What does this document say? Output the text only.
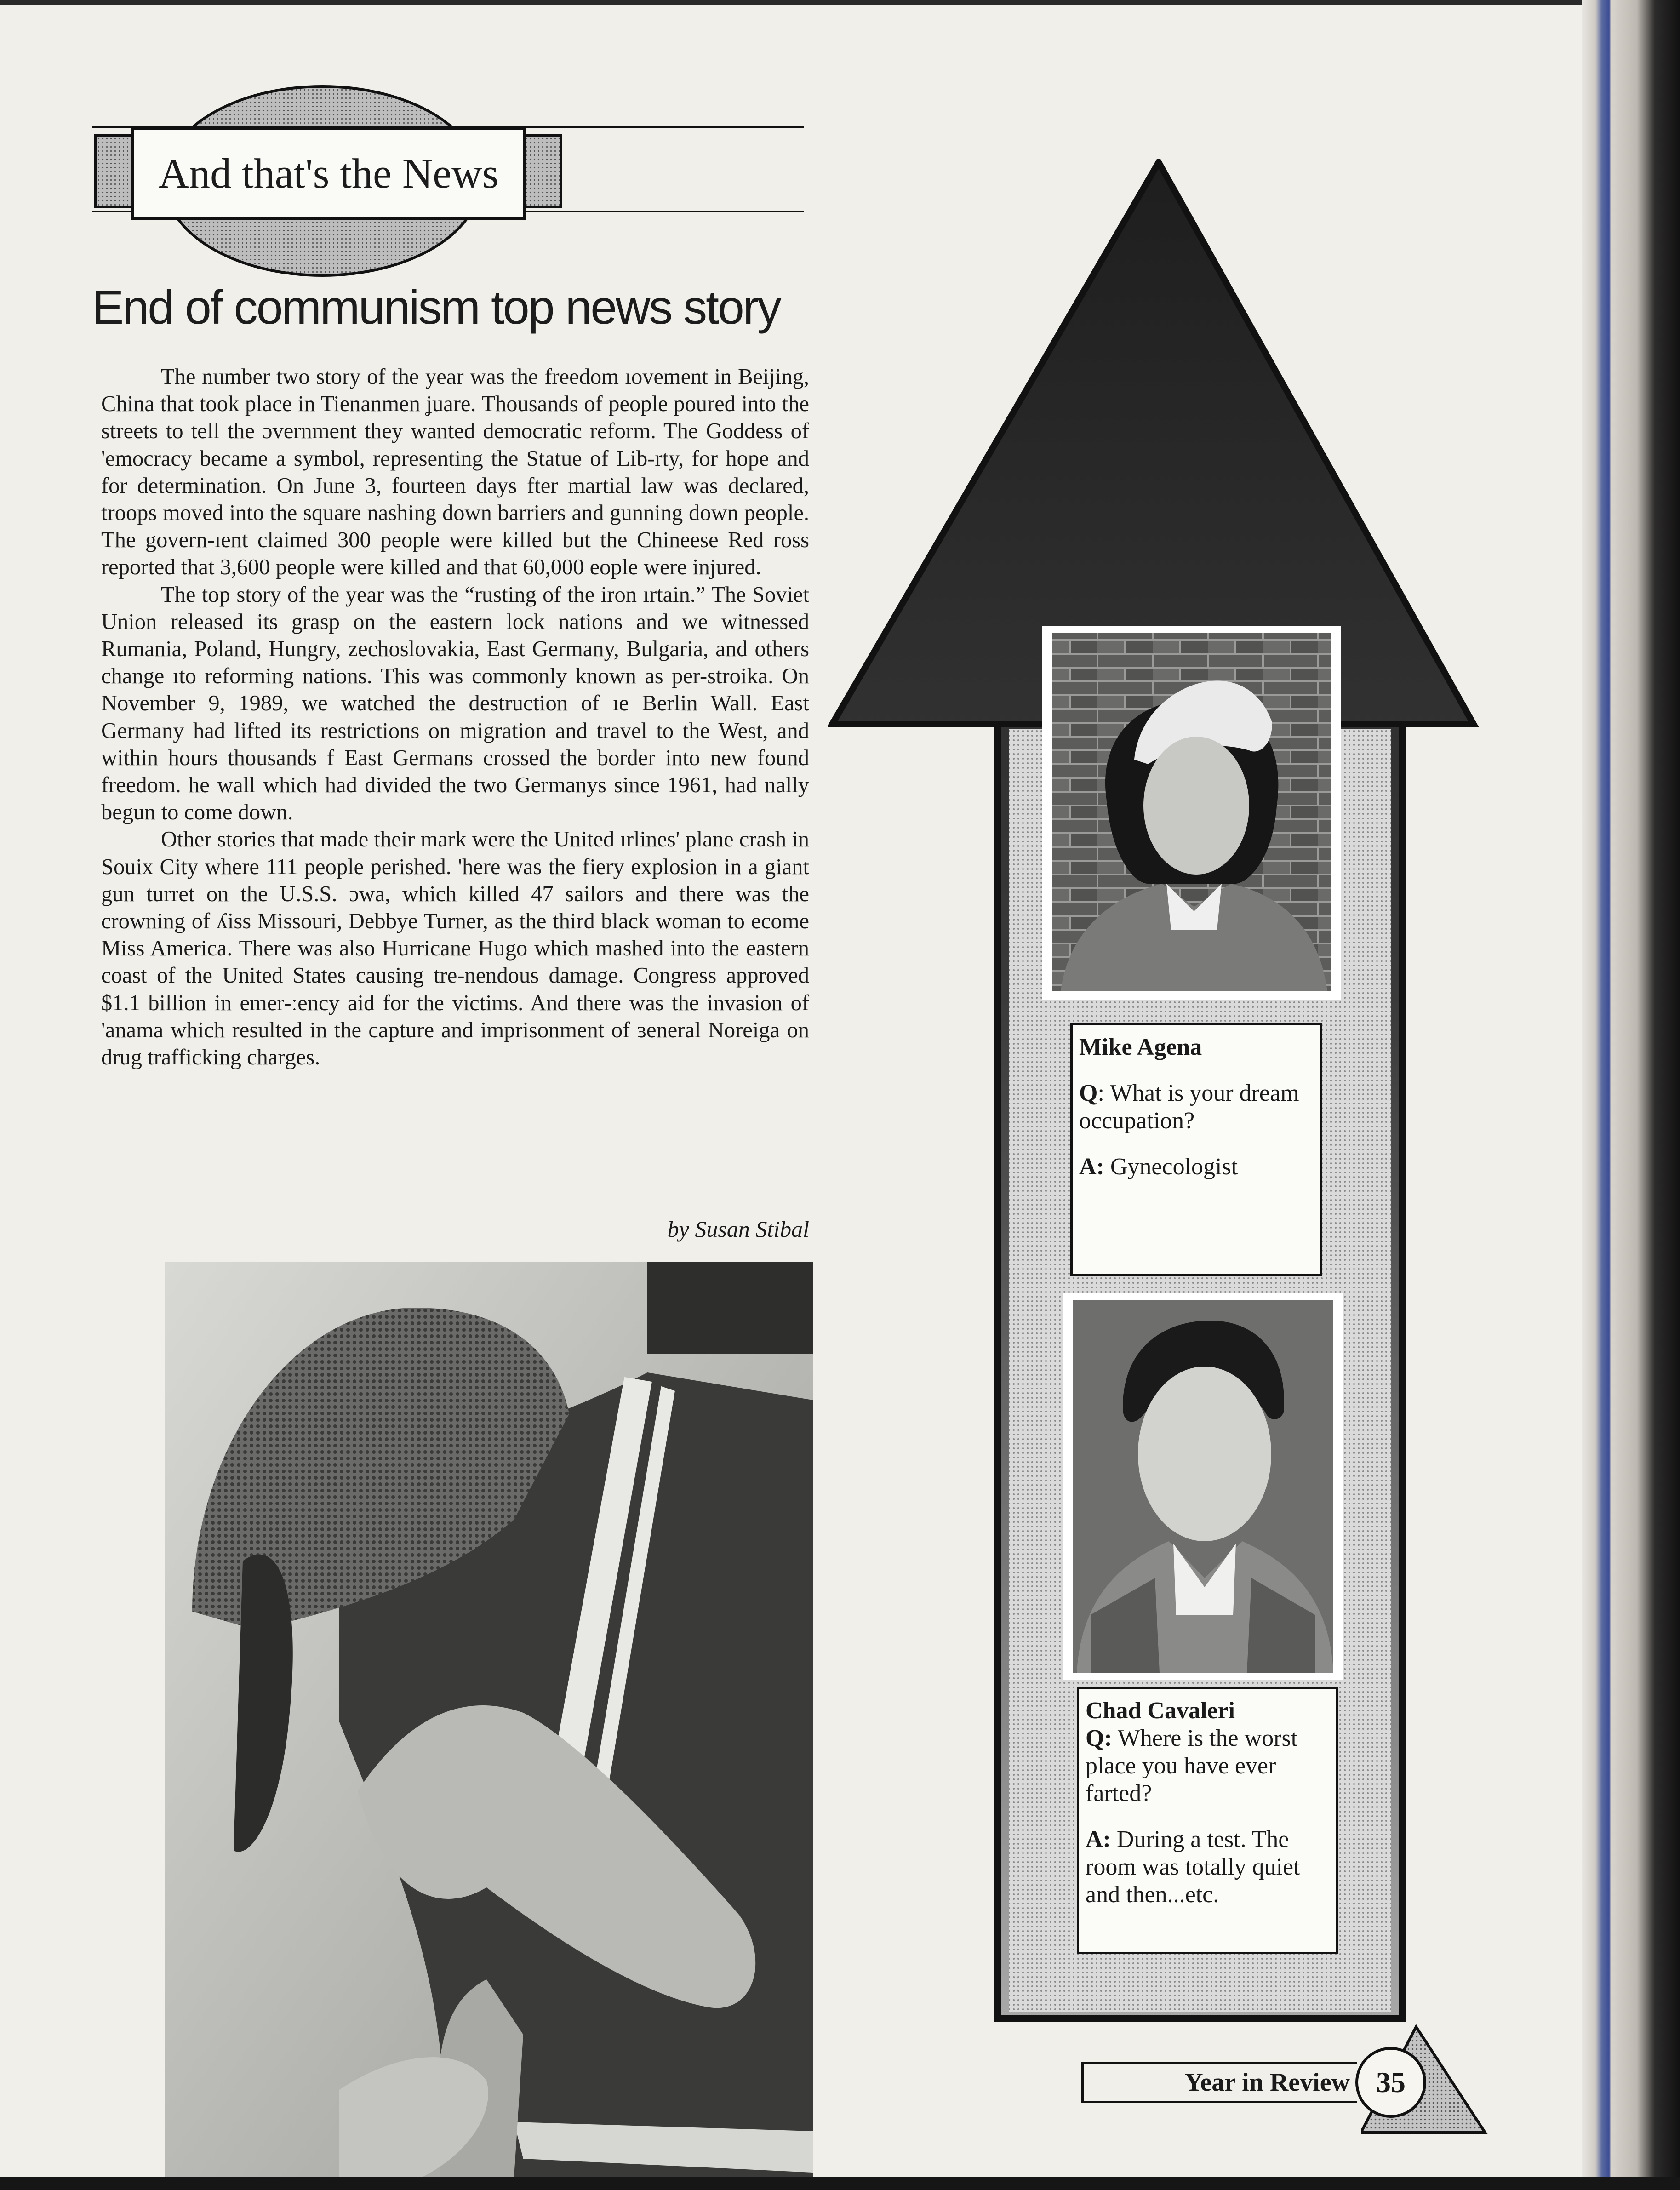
And that's the News
End of communism top news story

The number two story of the year was the freedom ıovement in Beijing, China that took place in Tienanmen ʝuare. Thousands of people poured into the streets to tell the ɔvernment they wanted democratic reform. The Goddess of 'emocracy became a symbol, representing the Statue of Lib-rty, for hope and for determination. On June 3, fourteen days fter martial law was declared, troops moved into the square nashing down barriers and gunning down people. The govern-ıent claimed 300 people were killed but the Chineese Red ross reported that 3,600 people were killed and that 60,000 eople were injured.

The top story of the year was the “rusting of the iron ırtain.” The Soviet Union released its grasp on the eastern lock nations and we witnessed Rumania, Poland, Hungry, zechoslovakia, East Germany, Bulgaria, and others change ıto reforming nations. This was commonly known as per-stroika. On November 9, 1989, we watched the destruction of ıe Berlin Wall. East Germany had lifted its restrictions on migration and travel to the West, and within hours thousands f East Germans crossed the border into new found freedom. he wall which had divided the two Germanys since 1961, had nally begun to come down.

Other stories that made their mark were the United ırlines' plane crash in Souix City where 111 people perished. 'here was the fiery explosion in a giant gun turret on the U.S.S. ɔwa, which killed 47 sailors and there was the crowning of ʎiss Missouri, Debbye Turner, as the third black woman to ecome Miss America. There was also Hurricane Hugo which mashed into the eastern coast of the United States causing tre-nendous damage. Congress approved $1.1 billion in emer-ːency aid for the victims. And there was the invasion of 'anama which resulted in the capture and imprisonment of ɜeneral Noreiga on drug trafficking charges.

by Susan Stibal
Mike Agena
Q: What is your dream occupation?
A: Gynecologist
Chad Cavaleri
Q: Where is the worst place you have ever farted?
A: During a test. The room was totally quiet and then...etc.
Year in Review 35
